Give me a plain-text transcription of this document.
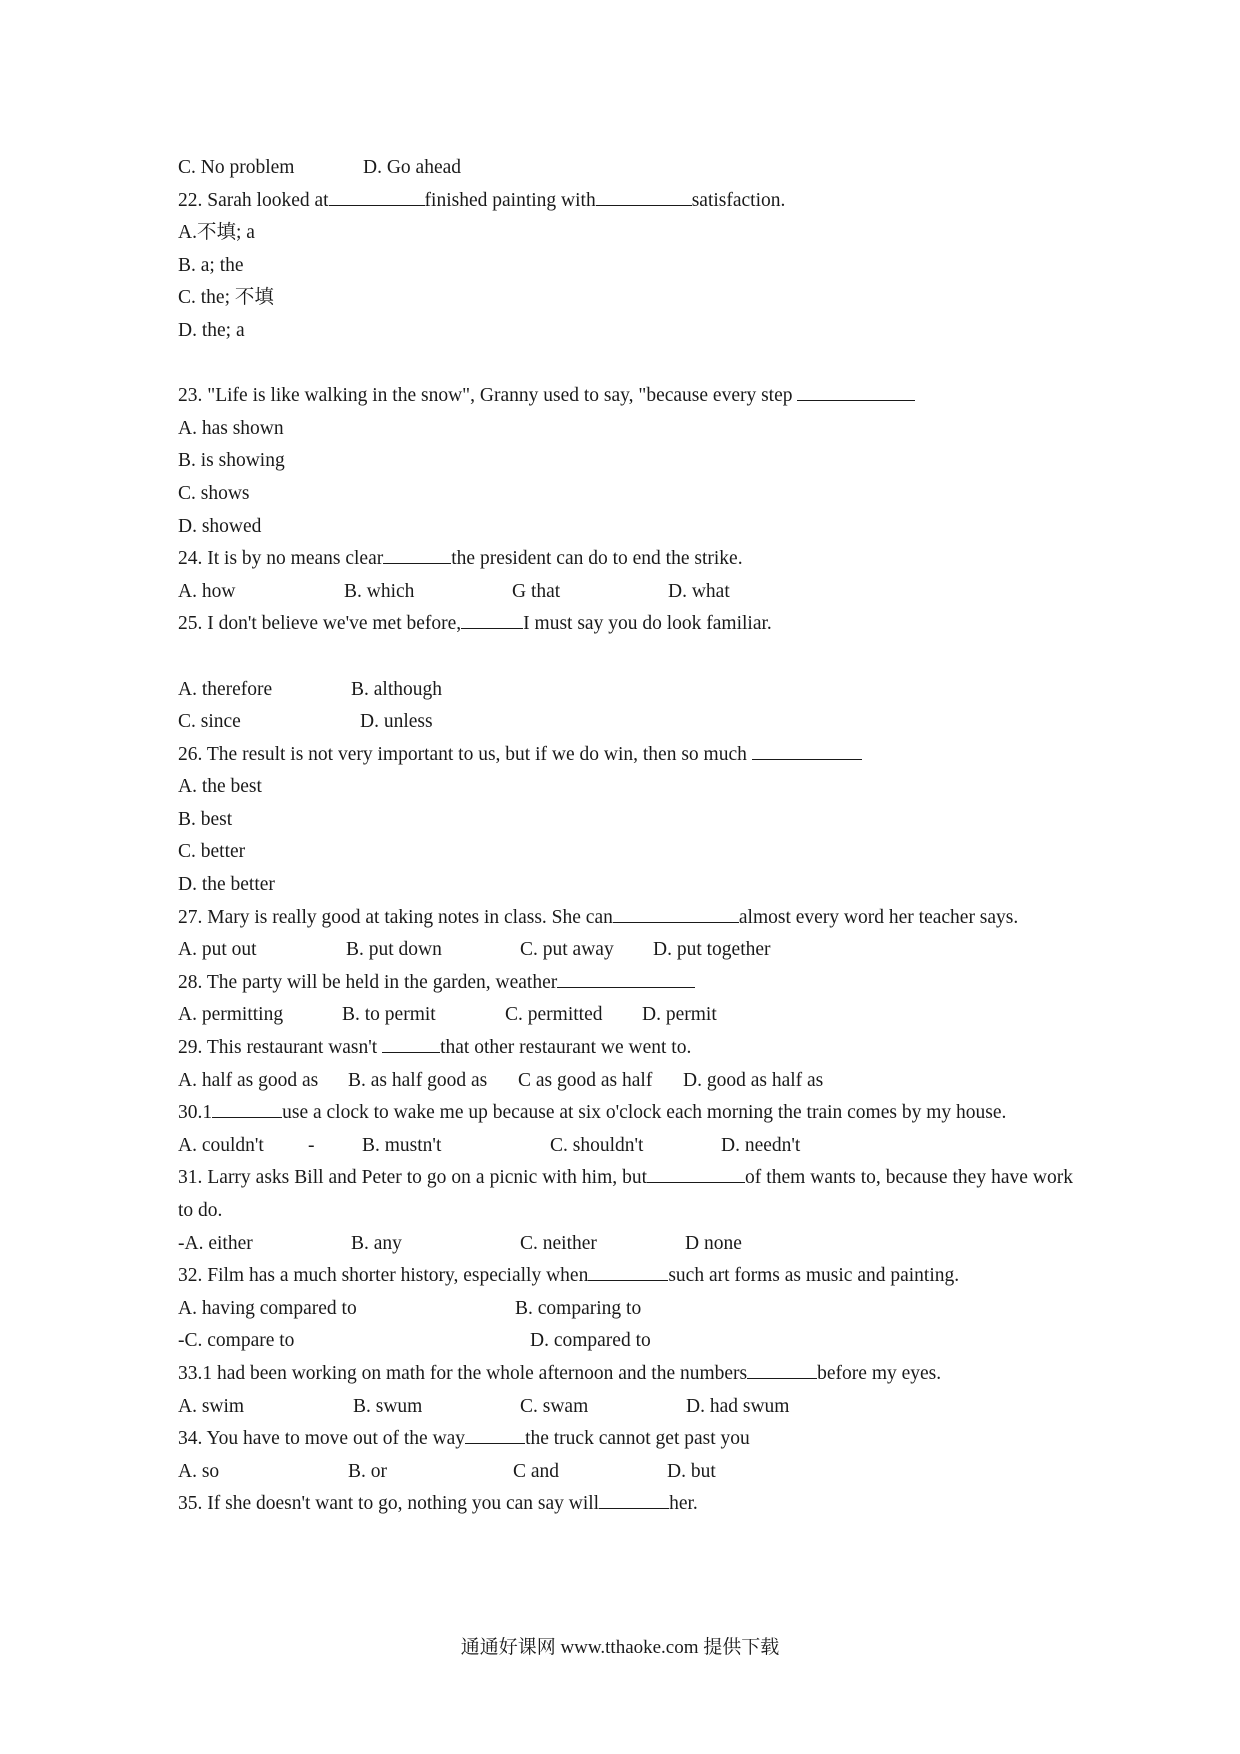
C. No problem	D. Go ahead
22. Sarah looked at	finished painting with	satisfaction.
A.不填; a
B. a; the
C. the; 不填
D. the; a
23. "Life is like walking in the snow", Granny used to say, "because every step
A. has shown
B. is showing
C. shows
D. showed
24. It is by no means clear	the president can do to end the strike.
A. how	B. which	G that	D. what
25. I don't believe we've met before,	I must say you do look familiar.
A. therefore	B. although
C. since	D. unless
26. The result is not very important to us, but if we do win, then so much
A. the best
B. best
C. better
D. the better
27. Mary is really good at taking notes in class. She can	almost every word her teacher says.
A. put out	B. put down	C. put away D. put together
28. The party will be held in the garden, weather
A. permitting	B. to permit	C. permitted D. permit
29. This restaurant wasn't	that other restaurant we went to.
A. half as good as B. as half good as C as good as half D. good as half as
30.1	use a clock to wake me up because at six o'clock each morning the train comes by my house.
-
A. couldn't	B. mustn't	C. shouldn't	D. needn't
31. Larry asks Bill and Peter to go on a picnic with him, but	of them wants to, because they have work to do.
-A. either	B. any	C. neither	D none
32. Film has a much shorter history, especially when	such art forms as music and painting.
A. having compared to	B. comparing to
-C. compare to	D. compared to
33.1 had been working on math for the whole afternoon and the numbers	before my eyes.
A. swim	B. swum	C. swam	D. had swum
34. You have to move out of the way	the truck cannot get past you
A. so	B. or	C and	D. but
35. If she doesn't want to go, nothing you can say will	her.
通通好课网 www.tthaoke.com 提供下载
